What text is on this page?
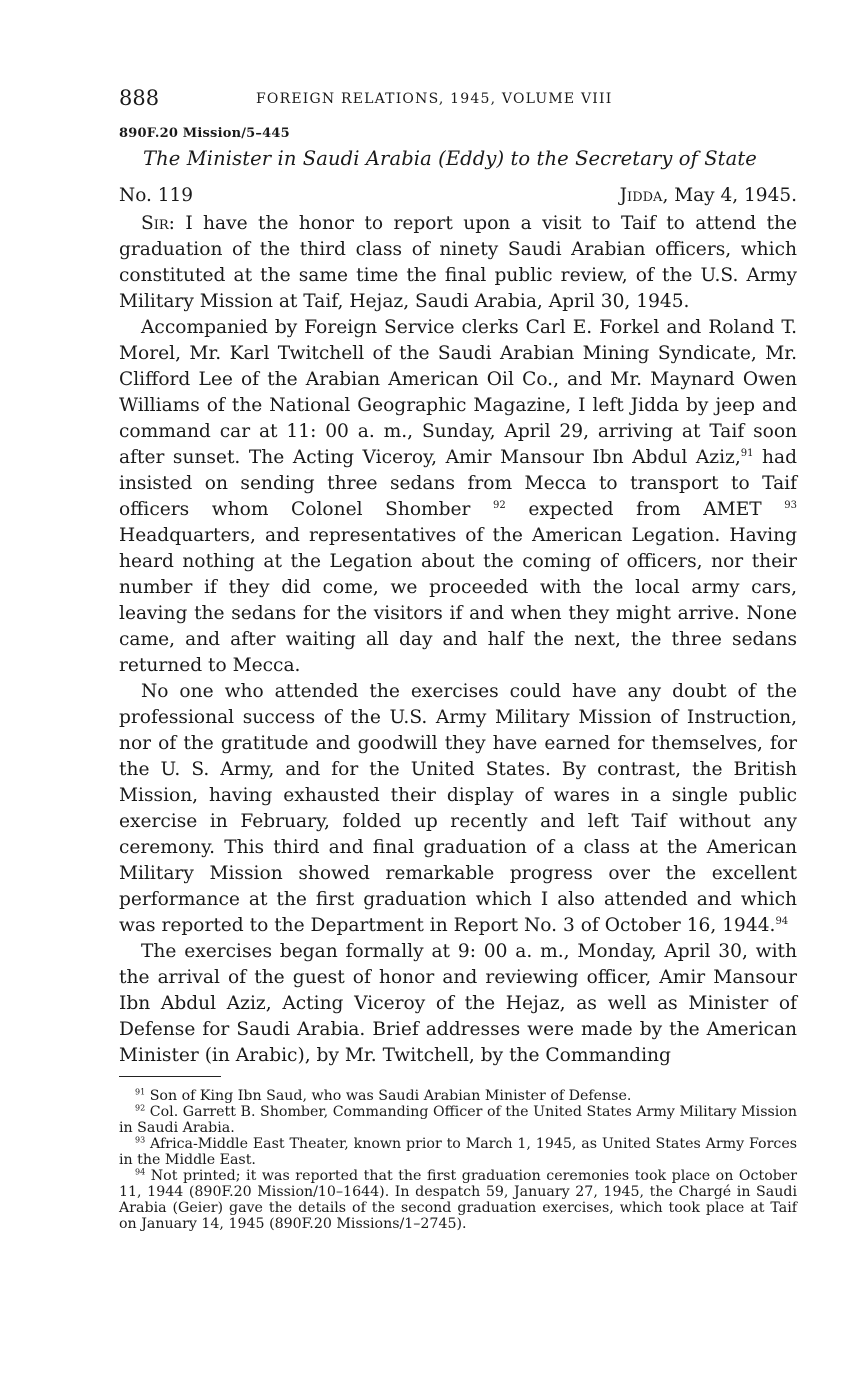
888	FOREIGN RELATIONS, 1945, VOLUME VIII
890F.20 Mission/5–445
The Minister in Saudi Arabia (Eddy) to the Secretary of State
No. 119	Jidda, May 4, 1945.

Sir: I have the honor to report upon a visit to Taif to attend the graduation of the third class of ninety Saudi Arabian officers, which constituted at the same time the final public review, of the U.S. Army Military Mission at Taif, Hejaz, Saudi Arabia, April 30, 1945.

Accompanied by Foreign Service clerks Carl E. Forkel and Roland T. Morel, Mr. Karl Twitchell of the Saudi Arabian Mining Syndicate, Mr. Clifford Lee of the Arabian American Oil Co., and Mr. Maynard Owen Williams of the National Geographic Magazine, I left Jidda by jeep and command car at 11: 00 a. m., Sunday, April 29, arriving at Taif soon after sunset. The Acting Viceroy, Amir Mansour Ibn Abdul Aziz,$^{91}$ had insisted on sending three sedans from Mecca to transport to Taif officers whom Colonel Shomber $^{92}$ expected from AMET $^{93}$ Headquarters, and representatives of the American Legation. Having heard nothing at the Legation about the coming of officers, nor their number if they did come, we proceeded with the local army cars, leaving the sedans for the visitors if and when they might arrive. None came, and after waiting all day and half the next, the three sedans returned to Mecca.

No one who attended the exercises could have any doubt of the professional success of the U.S. Army Military Mission of Instruction, nor of the gratitude and goodwill they have earned for themselves, for the U. S. Army, and for the United States. By contrast, the British Mission, having exhausted their display of wares in a single public exercise in February, folded up recently and left Taif without any ceremony. This third and final graduation of a class at the American Military Mission showed remarkable progress over the excellent performance at the first graduation which I also attended and which was reported to the Department in Report No. 3 of October 16, 1944.94

The exercises began formally at 9: 00 a. m., Monday, April 30, with the arrival of the guest of honor and reviewing officer, Amir Mansour Ibn Abdul Aziz, Acting Viceroy of the Hejaz, as well as Minister of Defense for Saudi Arabia. Brief addresses were made by the American Minister (in Arabic), by Mr. Twitchell, by the Commanding

$^{91}$ Son of King Ibn Saud, who was Saudi Arabian Minister of Defense.

$^{92}$ Col. Garrett B. Shomber, Commanding Officer of the United States Army Military Mission in Saudi Arabia.

$^{93}$ Africa-Middle East Theater, known prior to March 1, 1945, as United States Army Forces in the Middle East.

$^{94}$ Not printed; it was reported that the first graduation ceremonies took place on October 11, 1944 (890F.20 Mission/10–1644). In despatch 59, January 27, 1945, the Chargé in Saudi Arabia (Geier) gave the details of the second graduation exercises, which took place at Taif on January 14, 1945 (890F.20 Missions/1–2745).
